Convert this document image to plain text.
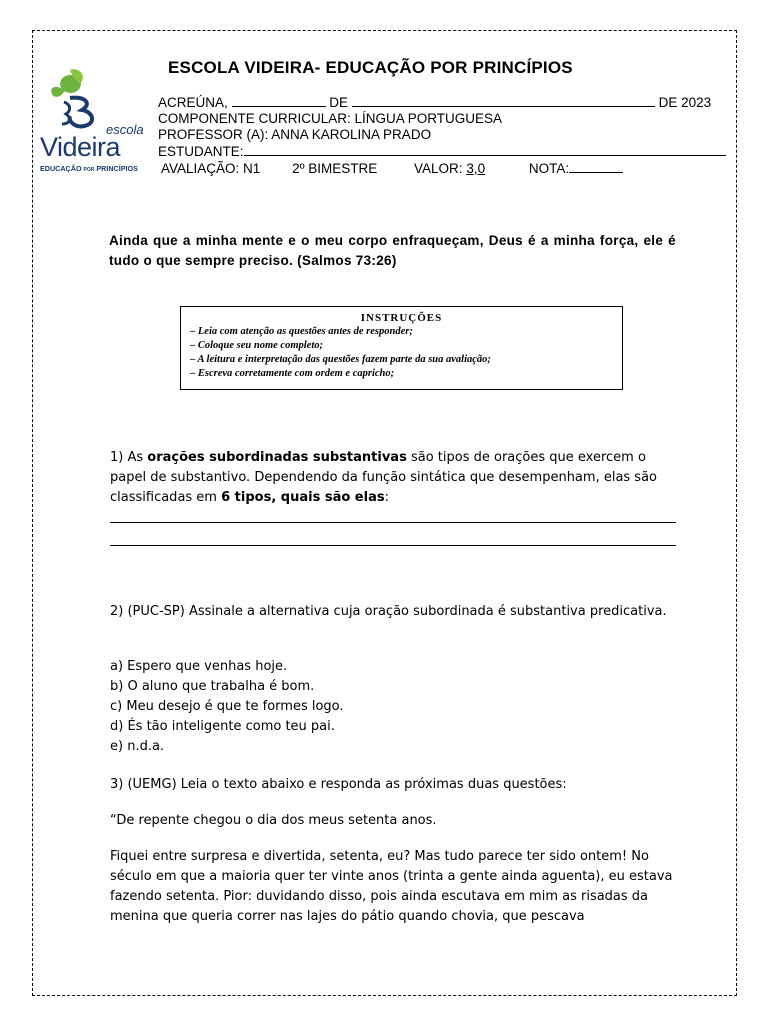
ESCOLA VIDEIRA- EDUCAÇÃO POR PRINCÍPIOS
escola
Videira
EDUCAÇÃO POR PRINCÍPIOS
ACREÚNA,	DE	DE 2023
COMPONENTE CURRICULAR: LÍNGUA PORTUGUESA
PROFESSOR (A): ANNA KAROLINA PRADO
ESTUDANTE:
AVALIAÇÃO: N1 2º BIMESTRE	VALOR: 3,0	NOTA:
Ainda que a minha mente e o meu corpo enfraqueçam, Deus é a minha força, ele é tudo o que sempre preciso. (Salmos 73:26)
INSTRUÇÕES
– Leia com atenção as questões antes de responder;
– Coloque seu nome completo;
– A leitura e interpretação das questões fazem parte da sua avaliação;
– Escreva corretamente com ordem e capricho;

1) As orações subordinadas substantivas são tipos de orações que exercem o papel de substantivo. Dependendo da função sintática que desempenham, elas são classificadas em 6 tipos, quais são elas:

2) (PUC-SP) Assinale a alternativa cuja oração subordinada é substantiva predicativa.

a) Espero que venhas hoje.

b) O aluno que trabalha é bom.

c) Meu desejo é que te formes logo.

d) És tão inteligente como teu pai.

e) n.d.a.

3) (UEMG) Leia o texto abaixo e responda as próximas duas questões:

“De repente chegou o dia dos meus setenta anos.
Fiquei entre surpresa e divertida, setenta, eu? Mas tudo parece ter sido ontem! No século em que a maioria quer ter vinte anos (trinta a gente ainda aguenta), eu estava fazendo setenta. Pior: duvidando disso, pois ainda escutava em mim as risadas da menina que queria correr nas lajes do pátio quando chovia, que pescava
